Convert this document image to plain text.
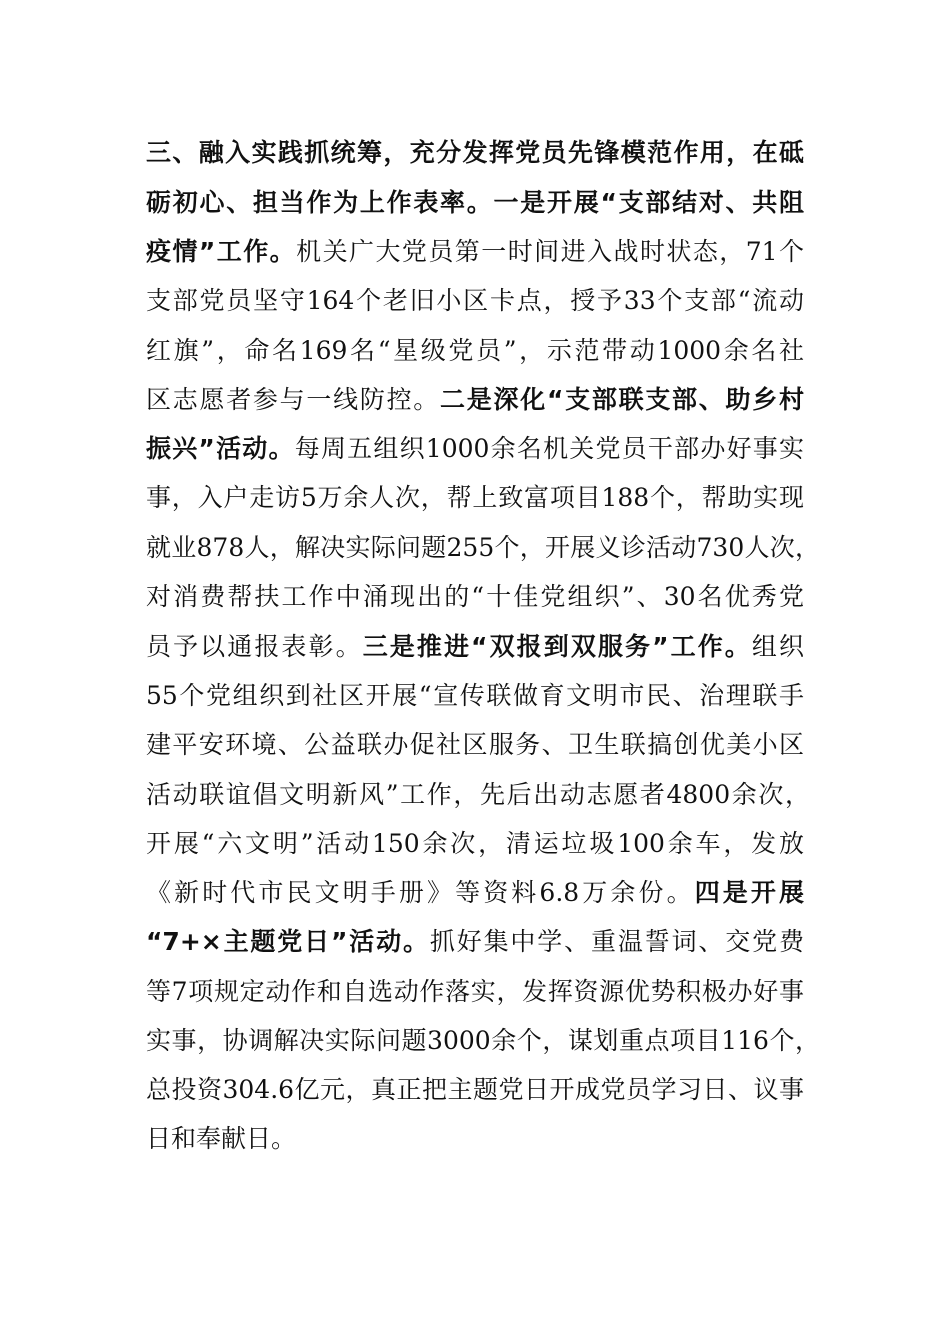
三、融入实践抓统筹，充分发挥党员先锋模范作用，在砥
砺初心、担当作为上作表率。一是开展“支部结对、共阻
疫情”工作。机关广大党员第一时间进入战时状态，71个
支部党员坚守164个老旧小区卡点，授予33个支部“流动
红旗”，命名169名“星级党员”，示范带动1000余名社
区志愿者参与一线防控。二是深化“支部联支部、助乡村
振兴”活动。每周五组织1000余名机关党员干部办好事实
事，入户走访5万余人次，帮上致富项目188个，帮助实现
就业878人，解决实际问题255个，开展义诊活动730人次，
对消费帮扶工作中涌现出的“十佳党组织”、30名优秀党
员予以通报表彰。三是推进“双报到双服务”工作。组织
55个党组织到社区开展“宣传联做育文明市民、治理联手
建平安环境、公益联办促社区服务、卫生联搞创优美小区
活动联谊倡文明新风”工作，先后出动志愿者4800余次，
开展“六文明”活动150余次，清运垃圾100余车，发放
《新时代市民文明手册》等资料6.8万余份。四是开展
“7+×主题党日”活动。抓好集中学、重温誓词、交党费
等7项规定动作和自选动作落实，发挥资源优势积极办好事
实事，协调解决实际问题3000余个，谋划重点项目116个，
总投资304.6亿元，真正把主题党日开成党员学习日、议事
日和奉献日。
